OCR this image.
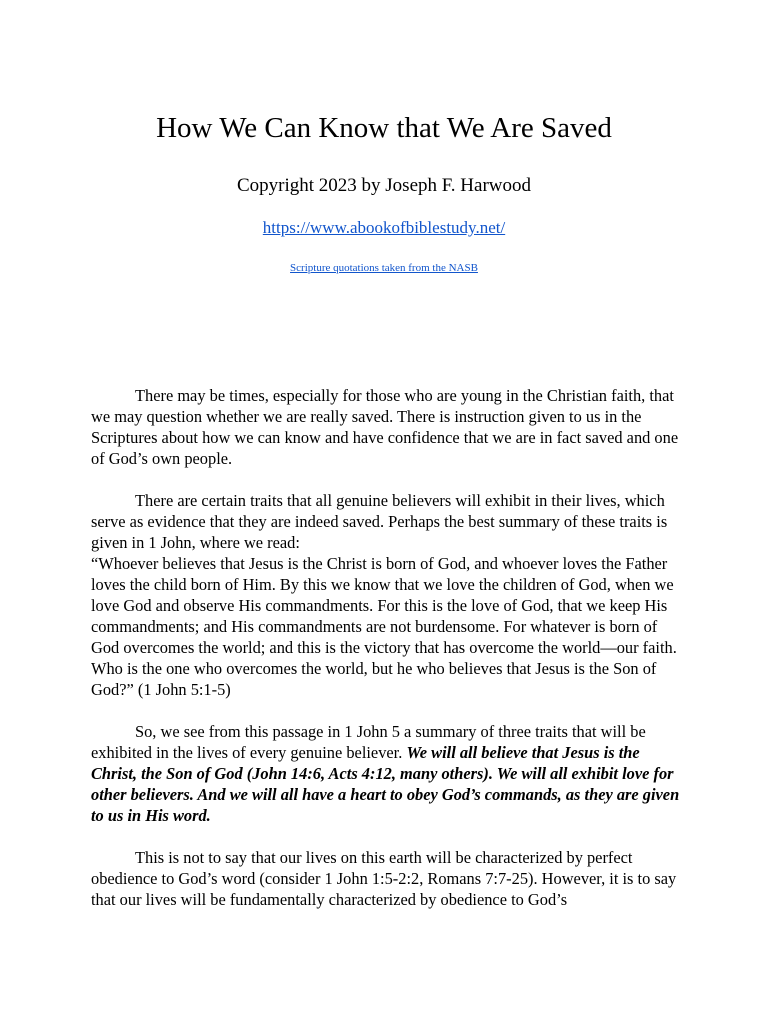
How We Can Know that We Are Saved

Copyright 2023 by Joseph F. Harwood

https://www.abookofbiblestudy.net/
Scripture quotations taken from the NASB

There may be times, especially for those who are young in the Christian faith, that we may question whether we are really saved. There is instruction given to us in the Scriptures about how we can know and have confidence that we are in fact saved and one of God’s own people.

There are certain traits that all genuine believers will exhibit in their lives, which serve as evidence that they are indeed saved. Perhaps the best summary of these traits is given in 1 John, where we read:
“Whoever believes that Jesus is the Christ is born of God, and whoever loves the Father loves the child born of Him. By this we know that we love the children of God, when we love God and observe His commandments. For this is the love of God, that we keep His commandments; and His commandments are not burdensome. For whatever is born of God overcomes the world; and this is the victory that has overcome the world—our faith.
Who is the one who overcomes the world, but he who believes that Jesus is the Son of God?” (1 John 5:1-5)

So, we see from this passage in 1 John 5 a summary of three traits that will be exhibited in the lives of every genuine believer. We will all believe that Jesus is the Christ, the Son of God (John 14:6, Acts 4:12, many others). We will all exhibit love for other believers. And we will all have a heart to obey God’s commands, as they are given to us in His word.

This is not to say that our lives on this earth will be characterized by perfect obedience to God’s word (consider 1 John 1:5-2:2, Romans 7:7-25). However, it is to say that our lives will be fundamentally characterized by obedience to God’s
